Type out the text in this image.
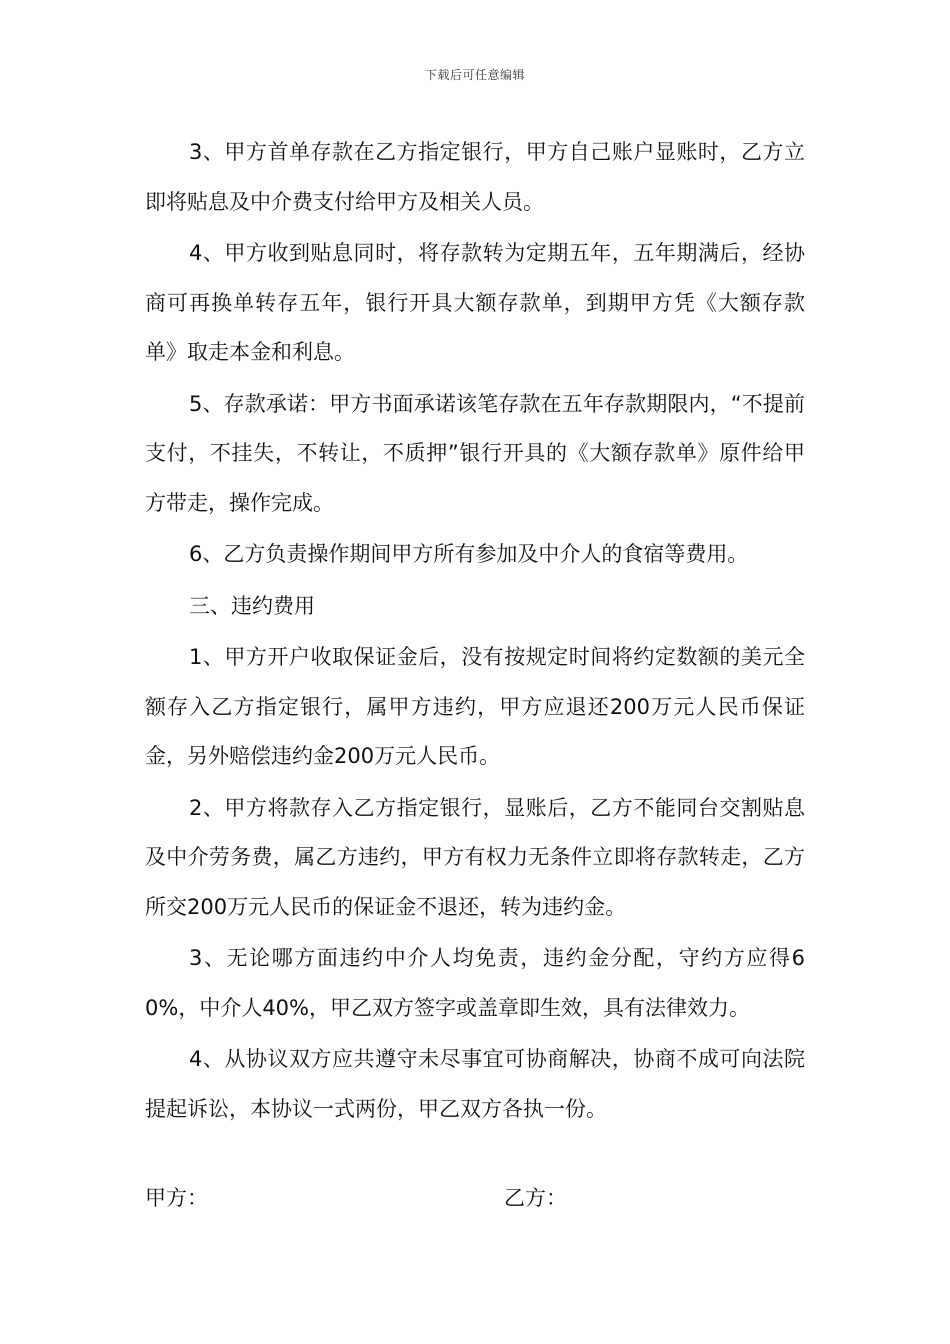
下载后可任意编辑

3、甲方首单存款在乙方指定银行，甲方自己账户显账时，乙方立即将贴息及中介费支付给甲方及相关人员。

4、甲方收到贴息同时，将存款转为定期五年，五年期满后，经协商可再换单转存五年，银行开具大额存款单，到期甲方凭《大额存款单》取走本金和利息。

5、存款承诺：甲方书面承诺该笔存款在五年存款期限内，“不提前支付，不挂失，不转让，不质押”银行开具的《大额存款单》原件给甲方带走，操作完成。

6、乙方负责操作期间甲方所有参加及中介人的食宿等费用。

三、违约费用

1、甲方开户收取保证金后，没有按规定时间将约定数额的美元全额存入乙方指定银行，属甲方违约，甲方应退还200万元人民币保证金，另外赔偿违约金200万元人民币。

2、甲方将款存入乙方指定银行，显账后，乙方不能同台交割贴息及中介劳务费，属乙方违约，甲方有权力无条件立即将存款转走，乙方所交200万元人民币的保证金不退还，转为违约金。

3、无论哪方面违约中介人均免责，违约金分配，守约方应得60%，中介人40%，甲乙双方签字或盖章即生效，具有法律效力。

4、从协议双方应共遵守未尽事宜可协商解决，协商不成可向法院提起诉讼，本协议一式两份，甲乙双方各执一份。

甲方：	乙方：
